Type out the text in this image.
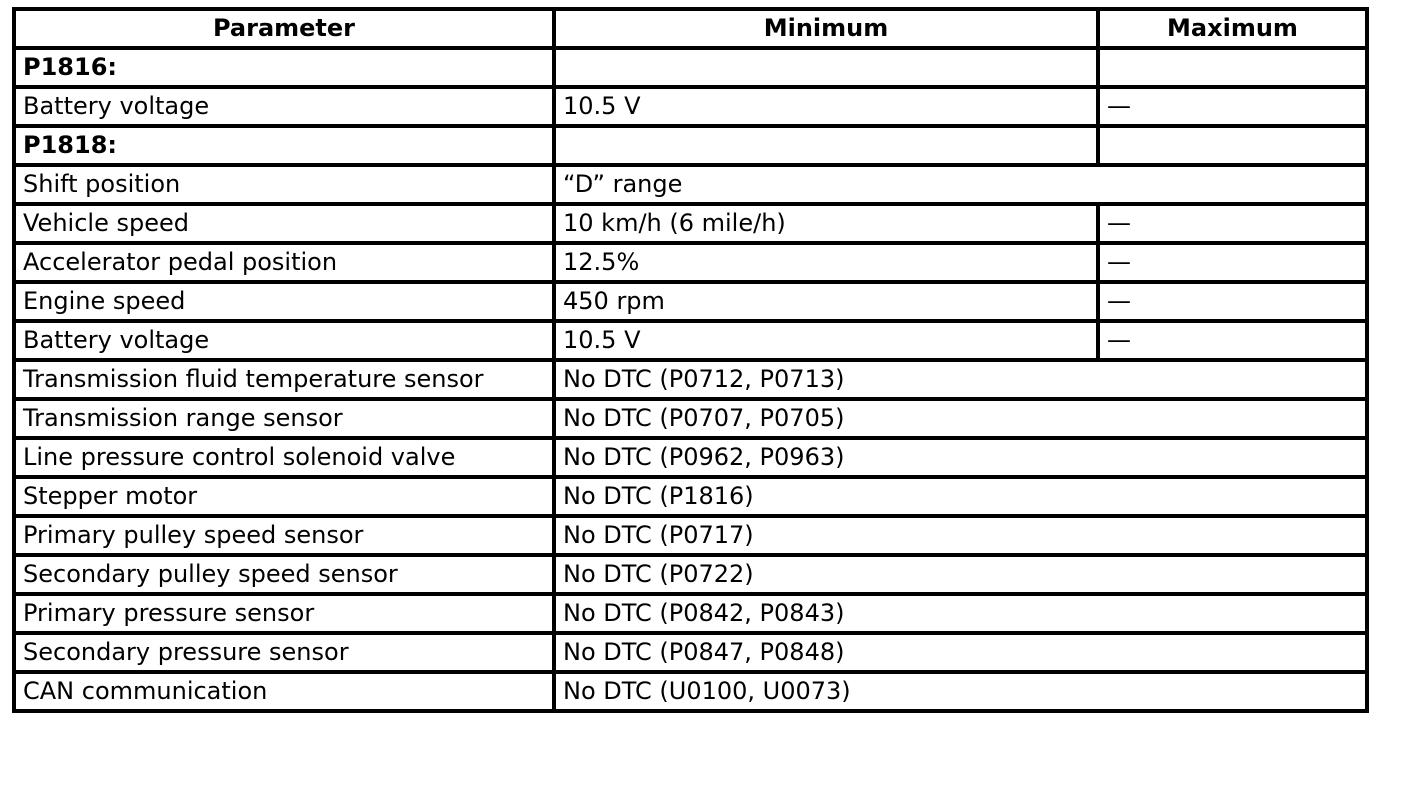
Parameter	Minimum	Maximum
P1816:		
Battery voltage	10.5 V	—
P1818:		
Shift position	“D” range	
Vehicle speed	10 km/h (6 mile/h)	—
Accelerator pedal position	12.5%	—
Engine speed	450 rpm	—
Battery voltage	10.5 V	—
Transmission fluid temperature sensor	No DTC (P0712, P0713)	
Transmission range sensor	No DTC (P0707, P0705)	
Line pressure control solenoid valve	No DTC (P0962, P0963)	
Stepper motor	No DTC (P1816)	
Primary pulley speed sensor	No DTC (P0717)	
Secondary pulley speed sensor	No DTC (P0722)	
Primary pressure sensor	No DTC (P0842, P0843)	
Secondary pressure sensor	No DTC (P0847, P0848)	
CAN communication	No DTC (U0100, U0073)	
